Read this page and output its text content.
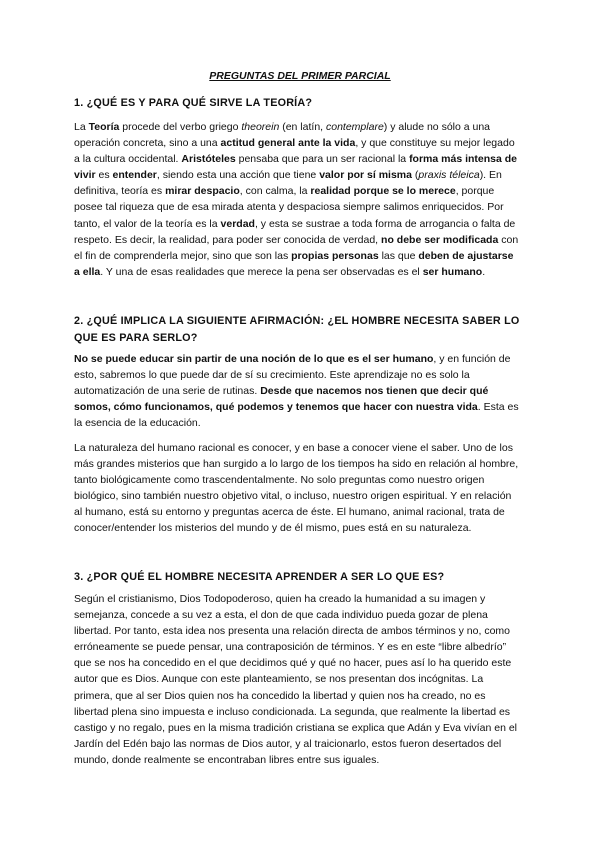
PREGUNTAS DEL PRIMER PARCIAL
1. ¿QUÉ ES Y PARA QUÉ SIRVE LA TEORÍA?
La Teoría procede del verbo griego theorein (en latín, contemplare) y alude no sólo a una operación concreta, sino a una actitud general ante la vida, y que constituye su mejor legado a la cultura occidental. Aristóteles pensaba que para un ser racional la forma más intensa de vivir es entender, siendo esta una acción que tiene valor por sí misma (praxis téleica). En definitiva, teoría es mirar despacio, con calma, la realidad porque se lo merece, porque posee tal riqueza que de esa mirada atenta y despaciosa siempre salimos enriquecidos. Por tanto, el valor de la teoría es la verdad, y esta se sustrae a toda forma de arrogancia o falta de respeto. Es decir, la realidad, para poder ser conocida de verdad, no debe ser modificada con el fin de comprenderla mejor, sino que son las propias personas las que deben de ajustarse a ella. Y una de esas realidades que merece la pena ser observadas es el ser humano.
2. ¿QUÉ IMPLICA LA SIGUIENTE AFIRMACIÓN: ¿EL HOMBRE NECESITA SABER LO QUE ES PARA SERLO?
No se puede educar sin partir de una noción de lo que es el ser humano, y en función de esto, sabremos lo que puede dar de sí su crecimiento. Este aprendizaje no es solo la automatización de una serie de rutinas. Desde que nacemos nos tienen que decir qué somos, cómo funcionamos, qué podemos y tenemos que hacer con nuestra vida. Esta es la esencia de la educación.
La naturaleza del humano racional es conocer, y en base a conocer viene el saber. Uno de los más grandes misterios que han surgido a lo largo de los tiempos ha sido en relación al hombre, tanto biológicamente como trascendentalmente. No solo preguntas como nuestro origen biológico, sino también nuestro objetivo vital, o incluso, nuestro origen espiritual. Y en relación al humano, está su entorno y preguntas acerca de éste. El humano, animal racional, trata de conocer/entender los misterios del mundo y de él mismo, pues está en su naturaleza.
3. ¿POR QUÉ EL HOMBRE NECESITA APRENDER A SER LO QUE ES?
Según el cristianismo, Dios Todopoderoso, quien ha creado la humanidad a su imagen y semejanza, concede a su vez a esta, el don de que cada individuo pueda gozar de plena libertad. Por tanto, esta idea nos presenta una relación directa de ambos términos y no, como erróneamente se puede pensar, una contraposición de términos. Y es en este “libre albedrío” que se nos ha concedido en el que decidimos qué y qué no hacer, pues así lo ha querido este autor que es Dios. Aunque con este planteamiento, se nos presentan dos incógnitas. La primera, que al ser Dios quien nos ha concedido la libertad y quien nos ha creado, no es libertad plena sino impuesta e incluso condicionada. La segunda, que realmente la libertad es castigo y no regalo, pues en la misma tradición cristiana se explica que Adán y Eva vivían en el Jardín del Edén bajo las normas de Dios autor, y al traicionarlo, estos fueron desertados del mundo, donde realmente se encontraban libres entre sus iguales.
